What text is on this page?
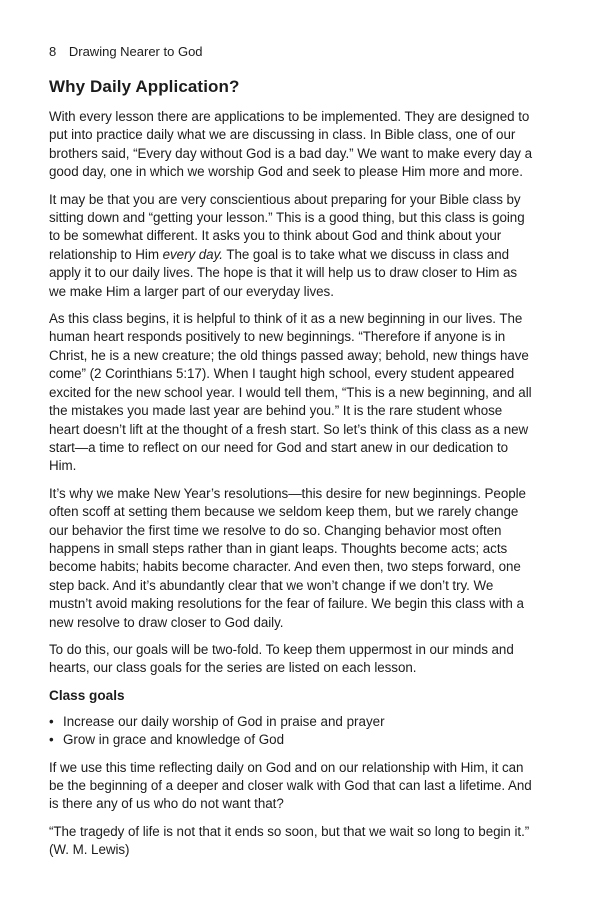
8 Drawing Nearer to God
Why Daily Application?

With every lesson there are applications to be implemented. They are designed to put into practice daily what we are discussing in class. In Bible class, one of our brothers said, “Every day without God is a bad day.” We want to make every day a good day, one in which we worship God and seek to please Him more and more.

It may be that you are very conscientious about preparing for your Bible class by sitting down and “getting your lesson.” This is a good thing, but this class is going to be somewhat different. It asks you to think about God and think about your relationship to Him every day. The goal is to take what we discuss in class and apply it to our daily lives. The hope is that it will help us to draw closer to Him as we make Him a larger part of our everyday lives.

As this class begins, it is helpful to think of it as a new beginning in our lives. The human heart responds positively to new beginnings. “Therefore if anyone is in Christ, he is a new creature; the old things passed away; behold, new things have come” (2 Corinthians 5:17). When I taught high school, every student appeared excited for the new school year. I would tell them, “This is a new beginning, and all the mistakes you made last year are behind you.” It is the rare student whose heart doesn’t lift at the thought of a fresh start. So let’s think of this class as a new start—a time to reflect on our need for God and start anew in our dedication to Him.

It’s why we make New Year’s resolutions—this desire for new beginnings. People often scoff at setting them because we seldom keep them, but we rarely change our behavior the first time we resolve to do so. Changing behavior most often happens in small steps rather than in giant leaps. Thoughts become acts; acts become habits; habits become character. And even then, two steps forward, one step back. And it’s abundantly clear that we won’t change if we don’t try. We mustn’t avoid making resolutions for the fear of failure. We begin this class with a new resolve to draw closer to God daily.

To do this, our goals will be two-fold. To keep them uppermost in our minds and hearts, our class goals for the series are listed on each lesson.

Class goals
• Increase our daily worship of God in praise and prayer
• Grow in grace and knowledge of God

If we use this time reflecting daily on God and on our relationship with Him, it can be the beginning of a deeper and closer walk with God that can last a lifetime. And is there any of us who do not want that?

“The tragedy of life is not that it ends so soon, but that we wait so long to begin it.” (W. M. Lewis)
